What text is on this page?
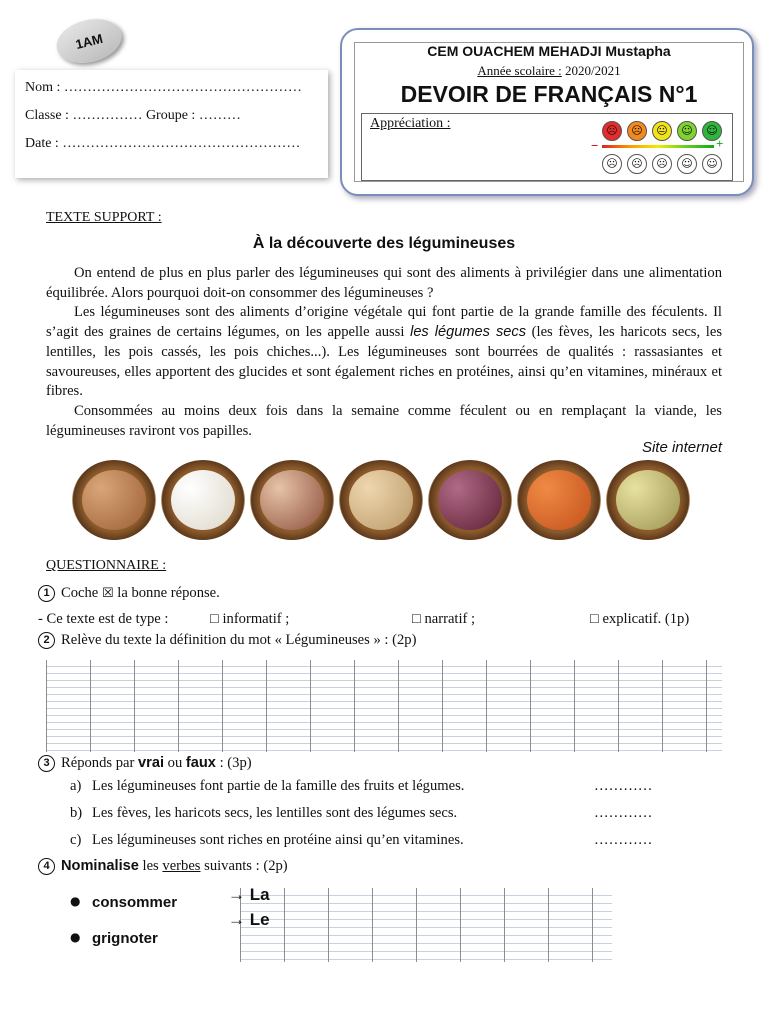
1AM
Nom : ……………………………………………
Classe : …………… Groupe : ………
Date : ……………………………………………
CEM OUACHEM MEHADJI Mustapha
Année scolaire : 2020/2021
DEVOIR DE FRANÇAIS N°1
Appréciation :	☹	☹	😐	☺	☺
−	+
☹	☹	☹	☺	☺
TEXTE SUPPORT :
À la découverte des légumineuses

On entend de plus en plus parler des légumineuses qui sont des aliments à privilégier dans une alimentation équilibrée. Alors pourquoi doit-on consommer des légumineuses ?

Les légumineuses sont des aliments d’origine végétale qui font partie de la grande famille des féculents. Il s’agit des graines de certains légumes, on les appelle aussi les légumes secs (les fèves, les haricots secs, les lentilles, les pois cassés, les pois chiches...). Les légumineuses sont bourrées de qualités : rassasiantes et savoureuses, elles apportent des glucides et sont également riches en protéines, ainsi qu’en vitamines, minéraux et fibres.

Consommées au moins deux fois dans la semaine comme féculent ou en remplaçant la viande, les légumineuses raviront vos papilles.

Site internet
QUESTIONNAIRE :
1 Coche ☒ la bonne réponse.
- Ce texte est de type :	□ informatif ;	□ narratif ;	□ explicatif. (1p)
2 Relève du texte la définition du mot « Légumineuses » : (2p)
3 Réponds par vrai ou faux : (3p)
a) Les légumineuses font partie de la famille des fruits et légumes.	…………
b) Les fèves, les haricots secs, les lentilles sont des légumes secs.	…………
c) Les légumineuses sont riches en protéine ainsi qu’en vitamines.	…………
4 Nominalise les verbes suivants : (2p)
● consommer
● grignoter
→ La
→ Le
